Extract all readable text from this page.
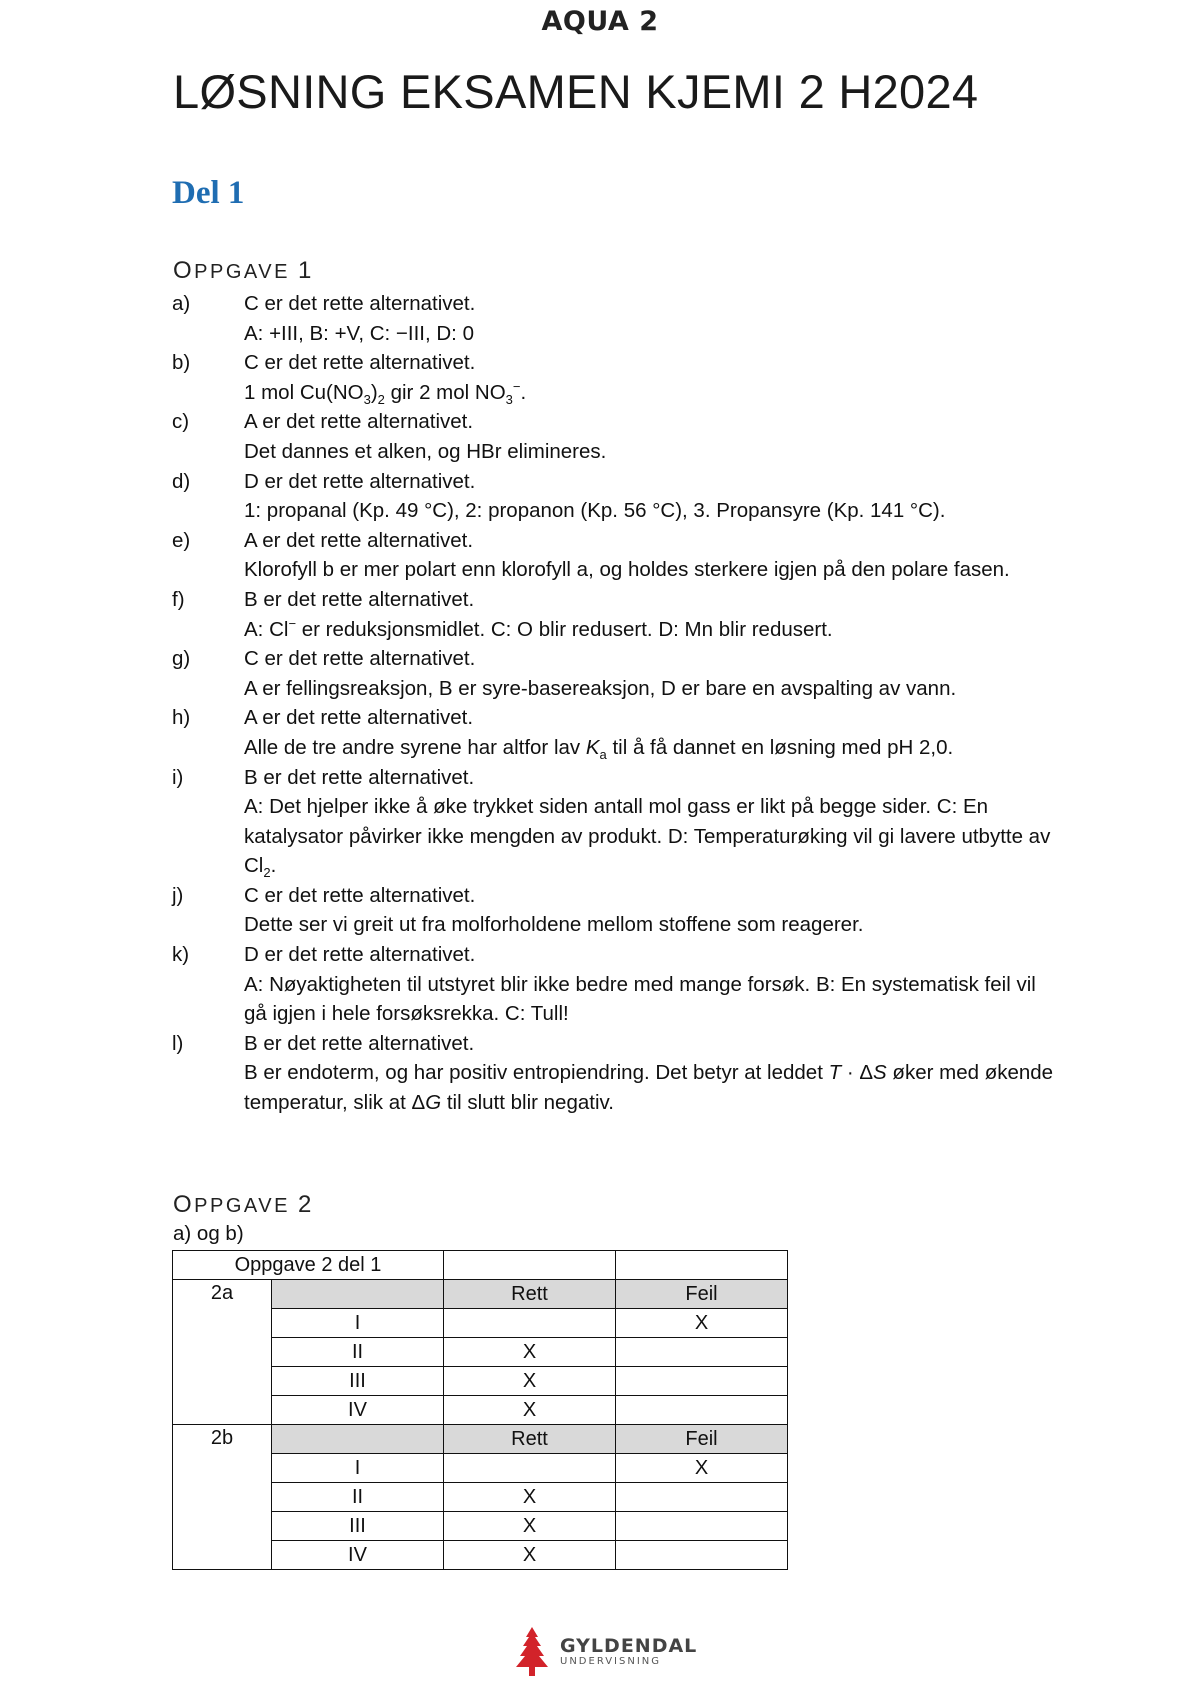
AQUA 2
LØSNING EKSAMEN KJEMI 2 H2024
Del 1
OPPGAVE 1
a)	C er det rette alternativet.
A: +III, B: +V, C: −III, D: 0
b)	C er det rette alternativet.
1 mol $Cu(NO_3)_2$ gir 2 mol $NO_3^-$.
c)	A er det rette alternativet.
Det dannes et alken, og HBr elimineres.
d)	D er det rette alternativet.
1: propanal (Kp. 49 °C), 2: propanon (Kp. 56 °C), 3. Propansyre (Kp. 141 °C).
e)	A er det rette alternativet.
Klorofyll b er mer polart enn klorofyll a, og holdes sterkere igjen på den polare fasen.
f)	B er det rette alternativet.
A: Cl− er reduksjonsmidlet. C: O blir redusert. D: Mn blir redusert.
g)	C er det rette alternativet.
A er fellingsreaksjon, B er syre-basereaksjon, D er bare en avspalting av vann.
h)	A er det rette alternativet.
Alle de tre andre syrene har altfor lav $K_a$ til å få dannet en løsning med pH 2,0.
i)	B er det rette alternativet.
A: Det hjelper ikke å øke trykket siden antall mol gass er likt på begge sider. C: En katalysator påvirker ikke mengden av produkt. D: Temperaturøking vil gi lavere utbytte av $Cl_2$.
j)	C er det rette alternativet.
Dette ser vi greit ut fra molforholdene mellom stoffene som reagerer.
k)	D er det rette alternativet.
A: Nøyaktigheten til utstyret blir ikke bedre med mange forsøk. B: En systematisk feil vil gå igjen i hele forsøksrekka. C: Tull!
l)	B er det rette alternativet.
B er endoterm, og har positiv entropiendring. Det betyr at leddet T · ΔS øker med økende temperatur, slik at ΔG til slutt blir negativ.
OPPGAVE 2
a) og b)
Oppgave 2 del 1			
2a		Rett	Feil
	I		X
	II	X	
	III	X	
	IV	X	
2b		Rett	Feil
	I		X
	II	X	
	III	X	
	IV	X	
GYLDENDAL
UNDERVISNING
